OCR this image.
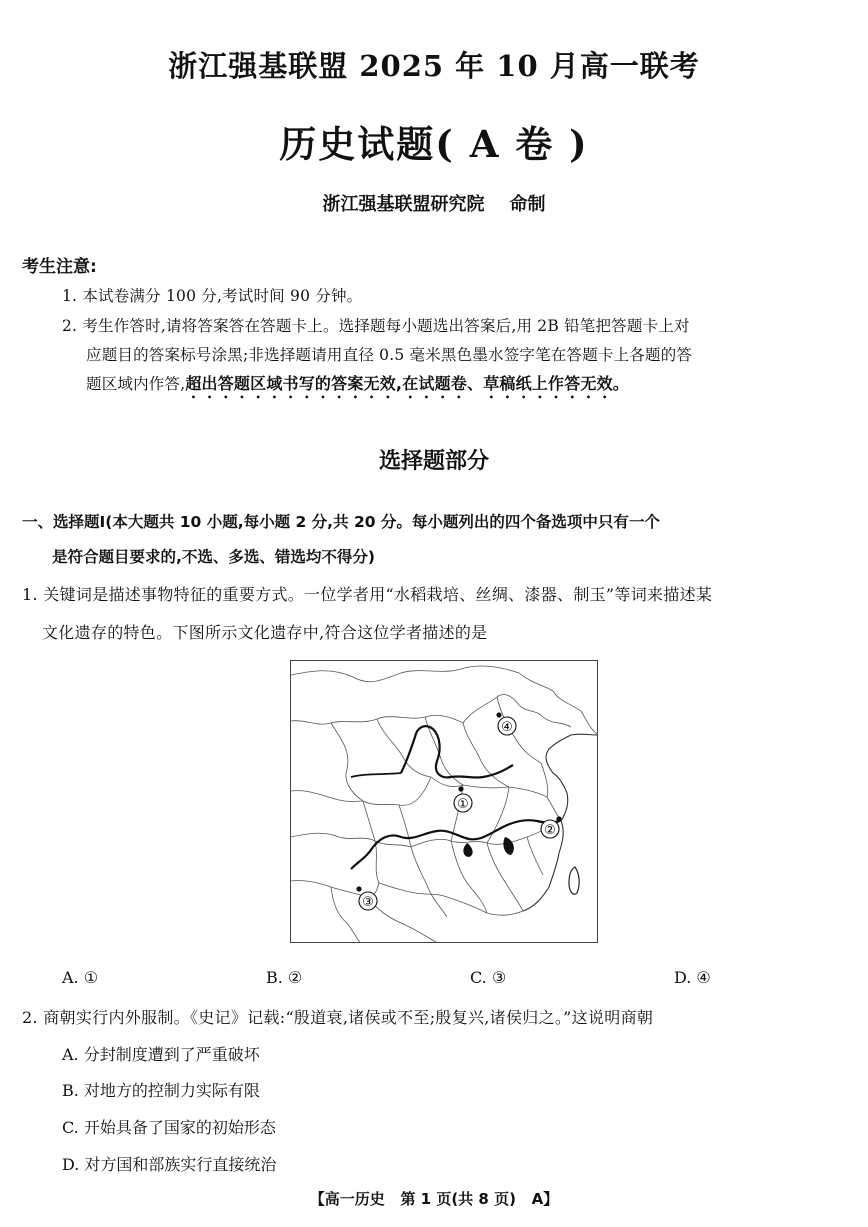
浙江强基联盟 2025 年 10 月高一联考
历史试题( A 卷 )
浙江强基联盟研究院    命制
考生注意:
1. 本试卷满分 100 分,考试时间 90 分钟。
2. 考生作答时,请将答案答在答题卡上。选择题每小题选出答案后,用 2B 铅笔把答题卡上对
应题目的答案标号涂黑;非选择题请用直径 0.5 毫米黑色墨水签字笔在答题卡上各题的答
题区域内作答,超出答题区域书写的答案无效,在试题卷、草稿纸上作答无效。
选择题部分
一、选择题Ⅰ(本大题共 10 小题,每小题 2 分,共 20 分。每小题列出的四个备选项中只有一个
是符合题目要求的,不选、多选、错选均不得分)
1. 关键词是描述事物特征的重要方式。一位学者用“水稻栽培、丝绸、漆器、制玉”等词来描述某
文化遗存的特色。下图所示文化遗存中,符合这位学者描述的是
①
②
③
④
A. ①	B. ②	C. ③	D. ④
2. 商朝实行内外服制。《史记》记载:“殷道衰,诸侯或不至;殷复兴,诸侯归之。”这说明商朝
A. 分封制度遭到了严重破坏
B. 对地方的控制力实际有限
C. 开始具备了国家的初始形态
D. 对方国和部族实行直接统治
【高一历史   第 1 页(共 8 页)   A】
